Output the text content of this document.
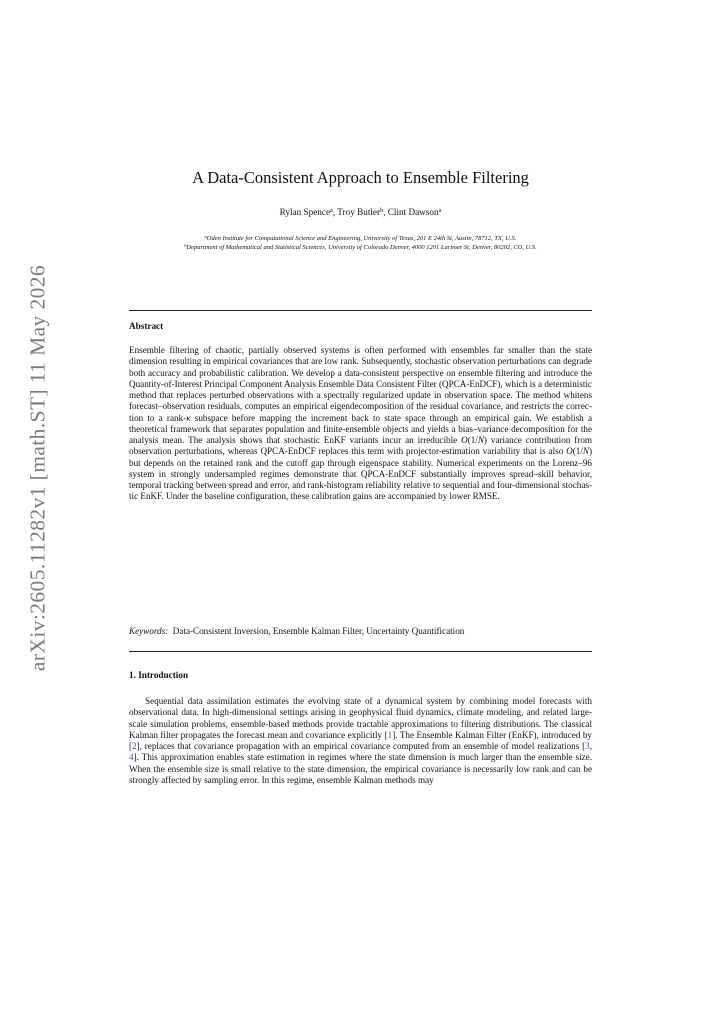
arXiv:2605.11282v1 [math.ST] 11 May 2026
A Data-Consistent Approach to Ensemble Filtering
Rylan Spence$^a$, Troy Butler$^b$, Clint Dawson$^a$
$^a$Oden Institute for Computational Science and Engineering, University of Texas, 201 E 24th St, Austin, 78712, TX, U.S.
$^b$Department of Mathematical and Statistical Sciences, University of Colorado Denver, 4000 1201 Larimer St, Denver, 80202, CO, U.S.
Abstract
Ensemble filtering of chaotic, partially observed systems is often performed with ensembles far smaller than the state dimension resulting in empirical covariances that are low rank. Subsequently, stochastic observation perturbations can degrade both accuracy and probabilistic calibration. We develop a data-consistent perspective on ensemble filtering and introduce the Quantity-of-Interest Principal Component Analysis Ensemble Data Consistent Filter (QPCA-EnDCF), which is a deterministic method that replaces perturbed observations with a spectrally regularized update in observation space. The method whitens forecast–observation residuals, computes an empirical eigendecomposition of the residual covariance, and restricts the correction to a rank-κ subspace before mapping the increment back to state space through an empirical gain. We establish a theoretical framework that separates population and finite-ensemble objects and yields a bias–variance decomposition for the analysis mean. The analysis shows that stochastic EnKF variants incur an irreducible O(1/N) variance contribution from observation perturbations, whereas QPCA-EnDCF replaces this term with projector-estimation variability that is also O(1/N) but depends on the retained rank and the cutoff gap through eigenspace stability. Numerical experiments on the Lorenz–96 system in strongly undersampled regimes demonstrate that QPCA-EnDCF substantially improves spread–skill behavior, temporal tracking between spread and error, and rank-histogram reliability relative to sequential and four-dimensional stochastic EnKF. Under the baseline configuration, these calibration gains are accompanied by lower RMSE.
Keywords: Data-Consistent Inversion, Ensemble Kalman Filter, Uncertainty Quantification
1. Introduction
Sequential data assimilation estimates the evolving state of a dynamical system by combining model forecasts with observational data. In high-dimensional settings arising in geophysical fluid dynamics, climate modeling, and related large-scale simulation problems, ensemble-based methods provide tractable approximations to filtering distributions. The classical Kalman filter propagates the forecast mean and covariance explicitly [1]. The Ensemble Kalman Filter (EnKF), introduced by [2], replaces that covariance propagation with an empirical covariance computed from an ensemble of model realizations [3, 4]. This approximation enables state estimation in regimes where the state dimension is much larger than the ensemble size. When the ensemble size is small relative to the state dimension, the empirical covariance is necessarily low rank and can be strongly affected by sampling error. In this regime, ensemble Kalman methods may
